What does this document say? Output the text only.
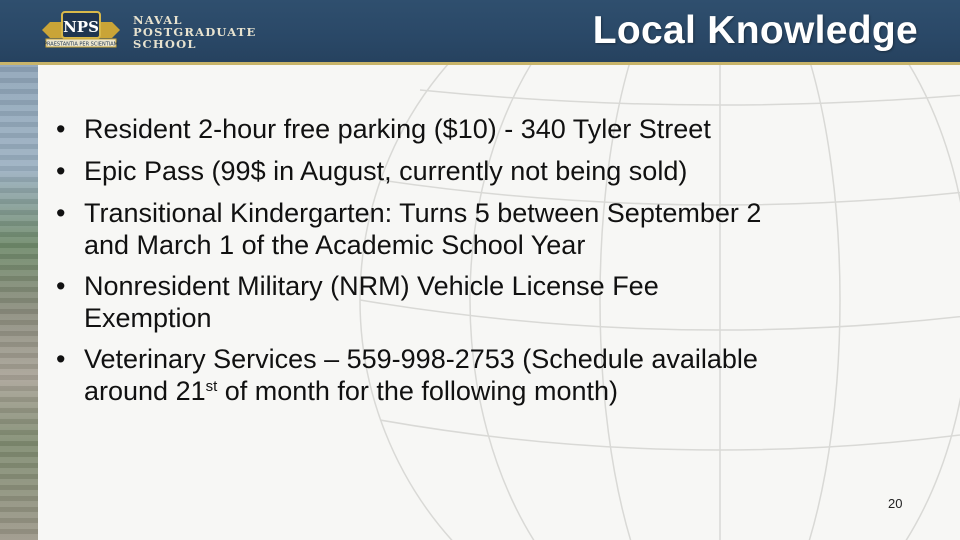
NPS
PRAESTANTIA PER SCIENTIAM
NAVAL
POSTGRADUATE
SCHOOL	Local Knowledge
• Resident 2-hour free parking ($10) - 340 Tyler Street
• Epic Pass (99$ in August, currently not being sold)
• Transitional Kindergarten: Turns 5 between September 2
and March 1 of the Academic School Year
• Nonresident Military (NRM) Vehicle License Fee
Exemption
• Veterinary Services – 559-998-2753 (Schedule available
around 21st of month for the following month)
20
